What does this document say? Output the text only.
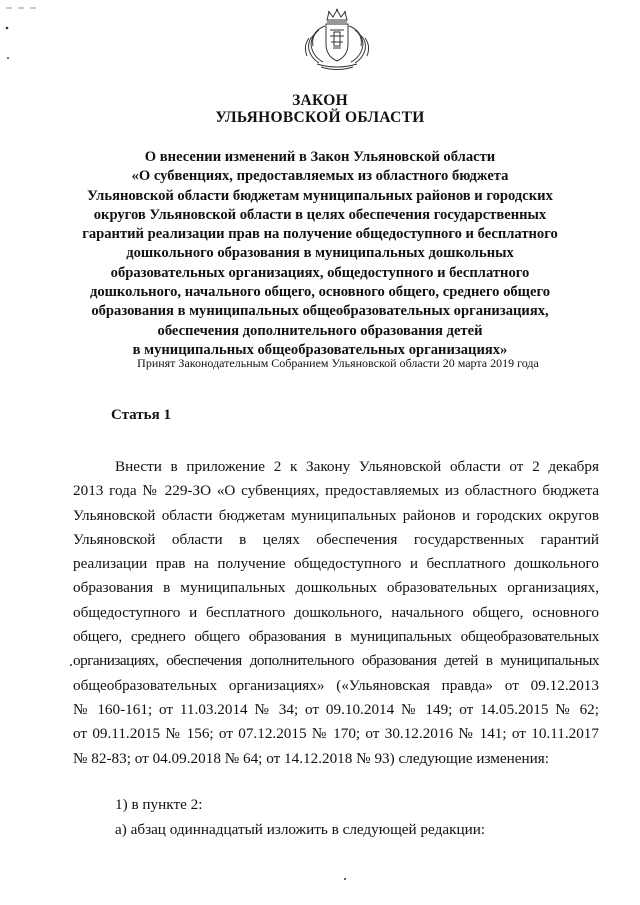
ЗАКОН
УЛЬЯНОВСКОЙ ОБЛАСТИ
О внесении изменений в Закон Ульяновской области
«О субвенциях, предоставляемых из областного бюджета
Ульяновской области бюджетам муниципальных районов и городских
округов Ульяновской области в целях обеспечения государственных
гарантий реализации прав на получение общедоступного и бесплатного
дошкольного образования в муниципальных дошкольных
образовательных организациях, общедоступного и бесплатного
дошкольного, начального общего, основного общего, среднего общего
образования в муниципальных общеобразовательных организациях,
обеспечения дополнительного образования детей
в муниципальных общеобразовательных организациях»
Принят Законодательным Собранием Ульяновской области 20 марта 2019 года
Статья 1
Внести в приложение 2 к Закону Ульяновской области от 2 декабря
2013 года № 229-ЗО «О субвенциях, предоставляемых из областного бюджета
Ульяновской области бюджетам муниципальных районов и городских округов
Ульяновской области в целях обеспечения государственных гарантий
реализации прав на получение общедоступного и бесплатного дошкольного
образования в муниципальных дошкольных образовательных организациях,
общедоступного и бесплатного дошкольного, начального общего, основного
общего, среднего общего образования в муниципальных общеобразовательных
организациях, обеспечения дополнительного образования детей в муниципальных
общеобразовательных организациях» («Ульяновская правда» от 09.12.2013
№ 160-161; от 11.03.2014 № 34; от 09.10.2014 № 149; от 14.05.2015 № 62;
от 09.11.2015 № 156; от 07.12.2015 № 170; от 30.12.2016 № 141; от 10.11.2017
№ 82-83; от 04.09.2018 № 64; от 14.12.2018 № 93) следующие изменения:
1) в пункте 2:
а) абзац одиннадцатый изложить в следующей редакции:
